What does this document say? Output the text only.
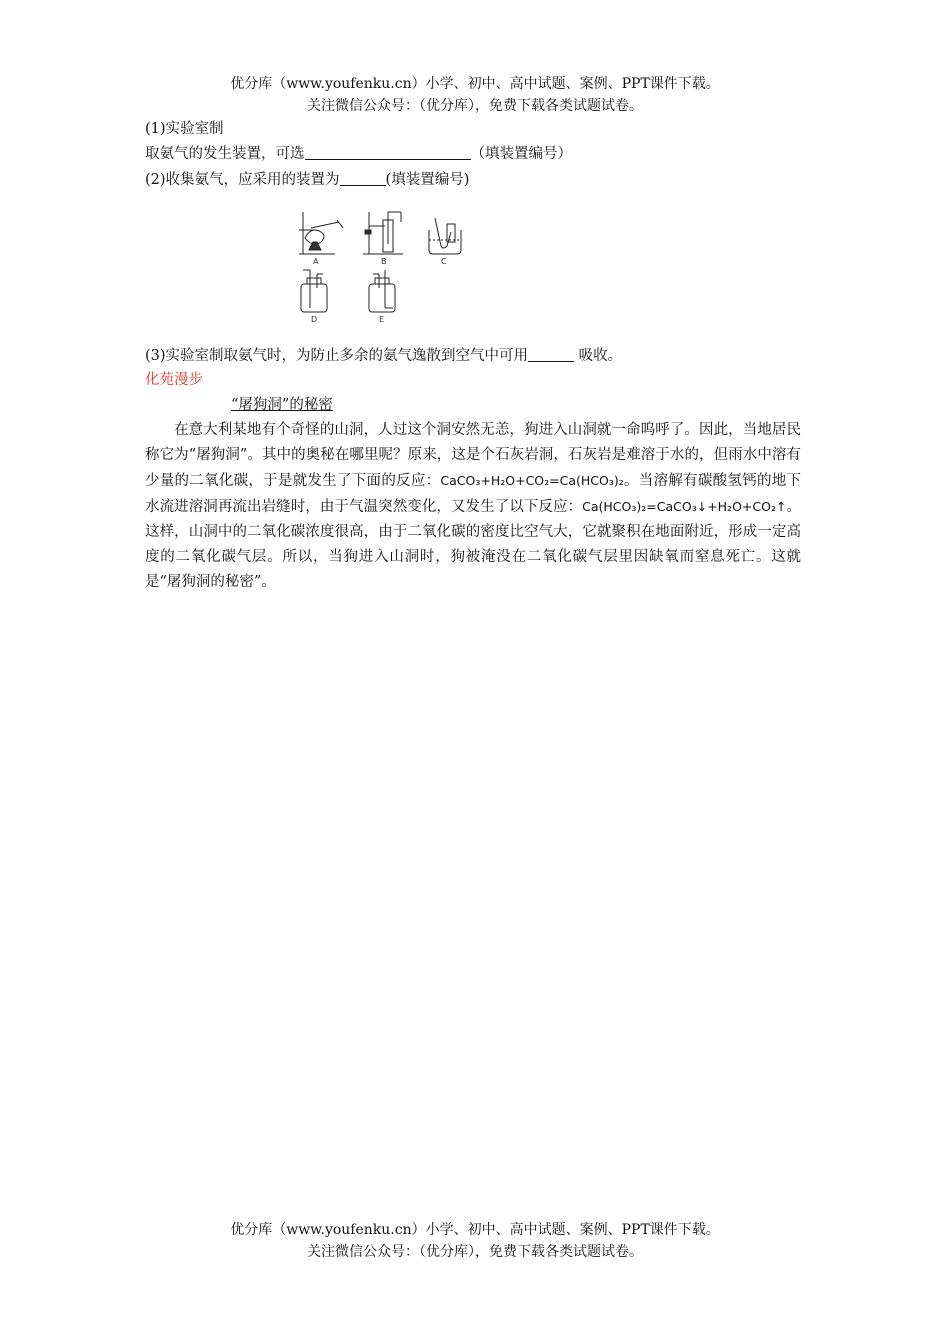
优分库（www.youfenku.cn）小学、初中、高中试题、案例、PPT课件下载。
关注微信公众号：（优分库），免费下载各类试题试卷。
(1)实验室制
取氨气的发生装置，可选	（填装置编号）
(2)收集氨气，应采用的装置为	(填装置编号)
A	B	C
D	E
(3)实验室制取氨气时，为防止多余的氨气逸散到空气中可用	吸收。
化苑漫步
“屠狗洞”的秘密
在意大利某地有个奇怪的山洞，人过这个洞安然无恙，狗进入山洞就一命呜呼了。因此，当地居民称它为“屠狗洞”。其中的奥秘在哪里呢？原来，这是个石灰岩洞，石灰岩是难溶于水的，但雨水中溶有少量的二氧化碳，于是就发生了下面的反应：CaCO₃+H₂O+CO₂=Ca(HCO₃)₂。当溶解有碳酸氢钙的地下水流进溶洞再流出岩缝时，由于气温突然变化，又发生了以下反应：Ca(HCO₃)₂=CaCO₃↓+H₂O+CO₂↑。这样，山洞中的二氧化碳浓度很高，由于二氧化碳的密度比空气大，它就聚积在地面附近，形成一定高度的二氧化碳气层。所以，当狗进入山洞时，狗被淹没在二氧化碳气层里因缺氧而窒息死亡。这就是“屠狗洞的秘密”。
优分库（www.youfenku.cn）小学、初中、高中试题、案例、PPT课件下载。
关注微信公众号：（优分库），免费下载各类试题试卷。
